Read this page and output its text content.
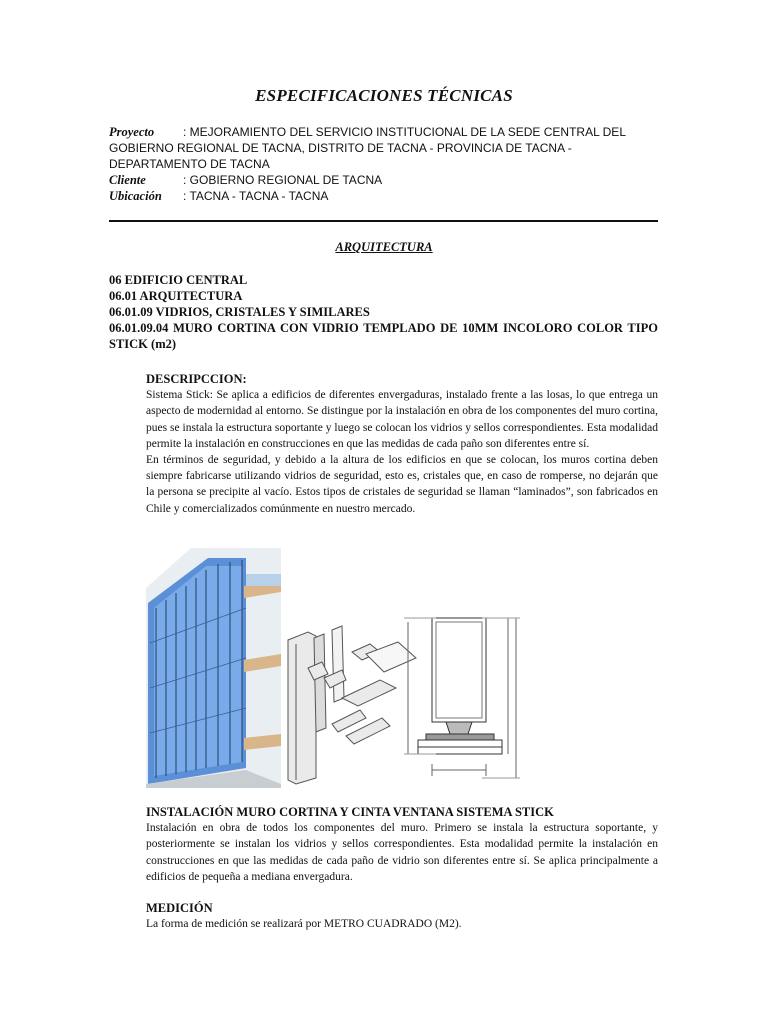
ESPECIFICACIONES TÉCNICAS
Proyecto : MEJORAMIENTO DEL SERVICIO INSTITUCIONAL DE LA SEDE CENTRAL DEL GOBIERNO REGIONAL DE TACNA, DISTRITO DE TACNA - PROVINCIA DE TACNA - DEPARTAMENTO DE TACNA
Cliente	: GOBIERNO REGIONAL DE TACNA
Ubicación : TACNA - TACNA - TACNA
ARQUITECTURA
06 EDIFICIO CENTRAL
06.01 ARQUITECTURA
06.01.09 VIDRIOS, CRISTALES Y SIMILARES
06.01.09.04 MURO CORTINA CON VIDRIO TEMPLADO DE 10MM INCOLORO COLOR TIPO STICK (m2)
DESCRIPCCION:
Sistema Stick: Se aplica a edificios de diferentes envergaduras, instalado frente a las losas, lo que entrega un aspecto de modernidad al entorno. Se distingue por la instalación en obra de los componentes del muro cortina, pues se instala la estructura soportante y luego se colocan los vidrios y sellos correspondientes. Esta modalidad permite la instalación en construcciones en que las medidas de cada paño son diferentes entre sí.
En términos de seguridad, y debido a la altura de los edificios en que se colocan, los muros cortina deben siempre fabricarse utilizando vidrios de seguridad, esto es, cristales que, en caso de romperse, no dejarán que la persona se precipite al vacío. Estos tipos de cristales de seguridad se llaman “laminados”, son fabricados en Chile y comercializados comúnmente en nuestro mercado.
INSTALACIÓN MURO CORTINA Y CINTA VENTANA SISTEMA STICK
Instalación en obra de todos los componentes del muro. Primero se instala la estructura soportante, y posteriormente se instalan los vidrios y sellos correspondientes. Esta modalidad permite la instalación en construcciones en que las medidas de cada paño de vidrio son diferentes entre sí. Se aplica principalmente a edificios de pequeña a mediana envergadura.
MEDICIÓN
La forma de medición se realizará por METRO CUADRADO (M2).
